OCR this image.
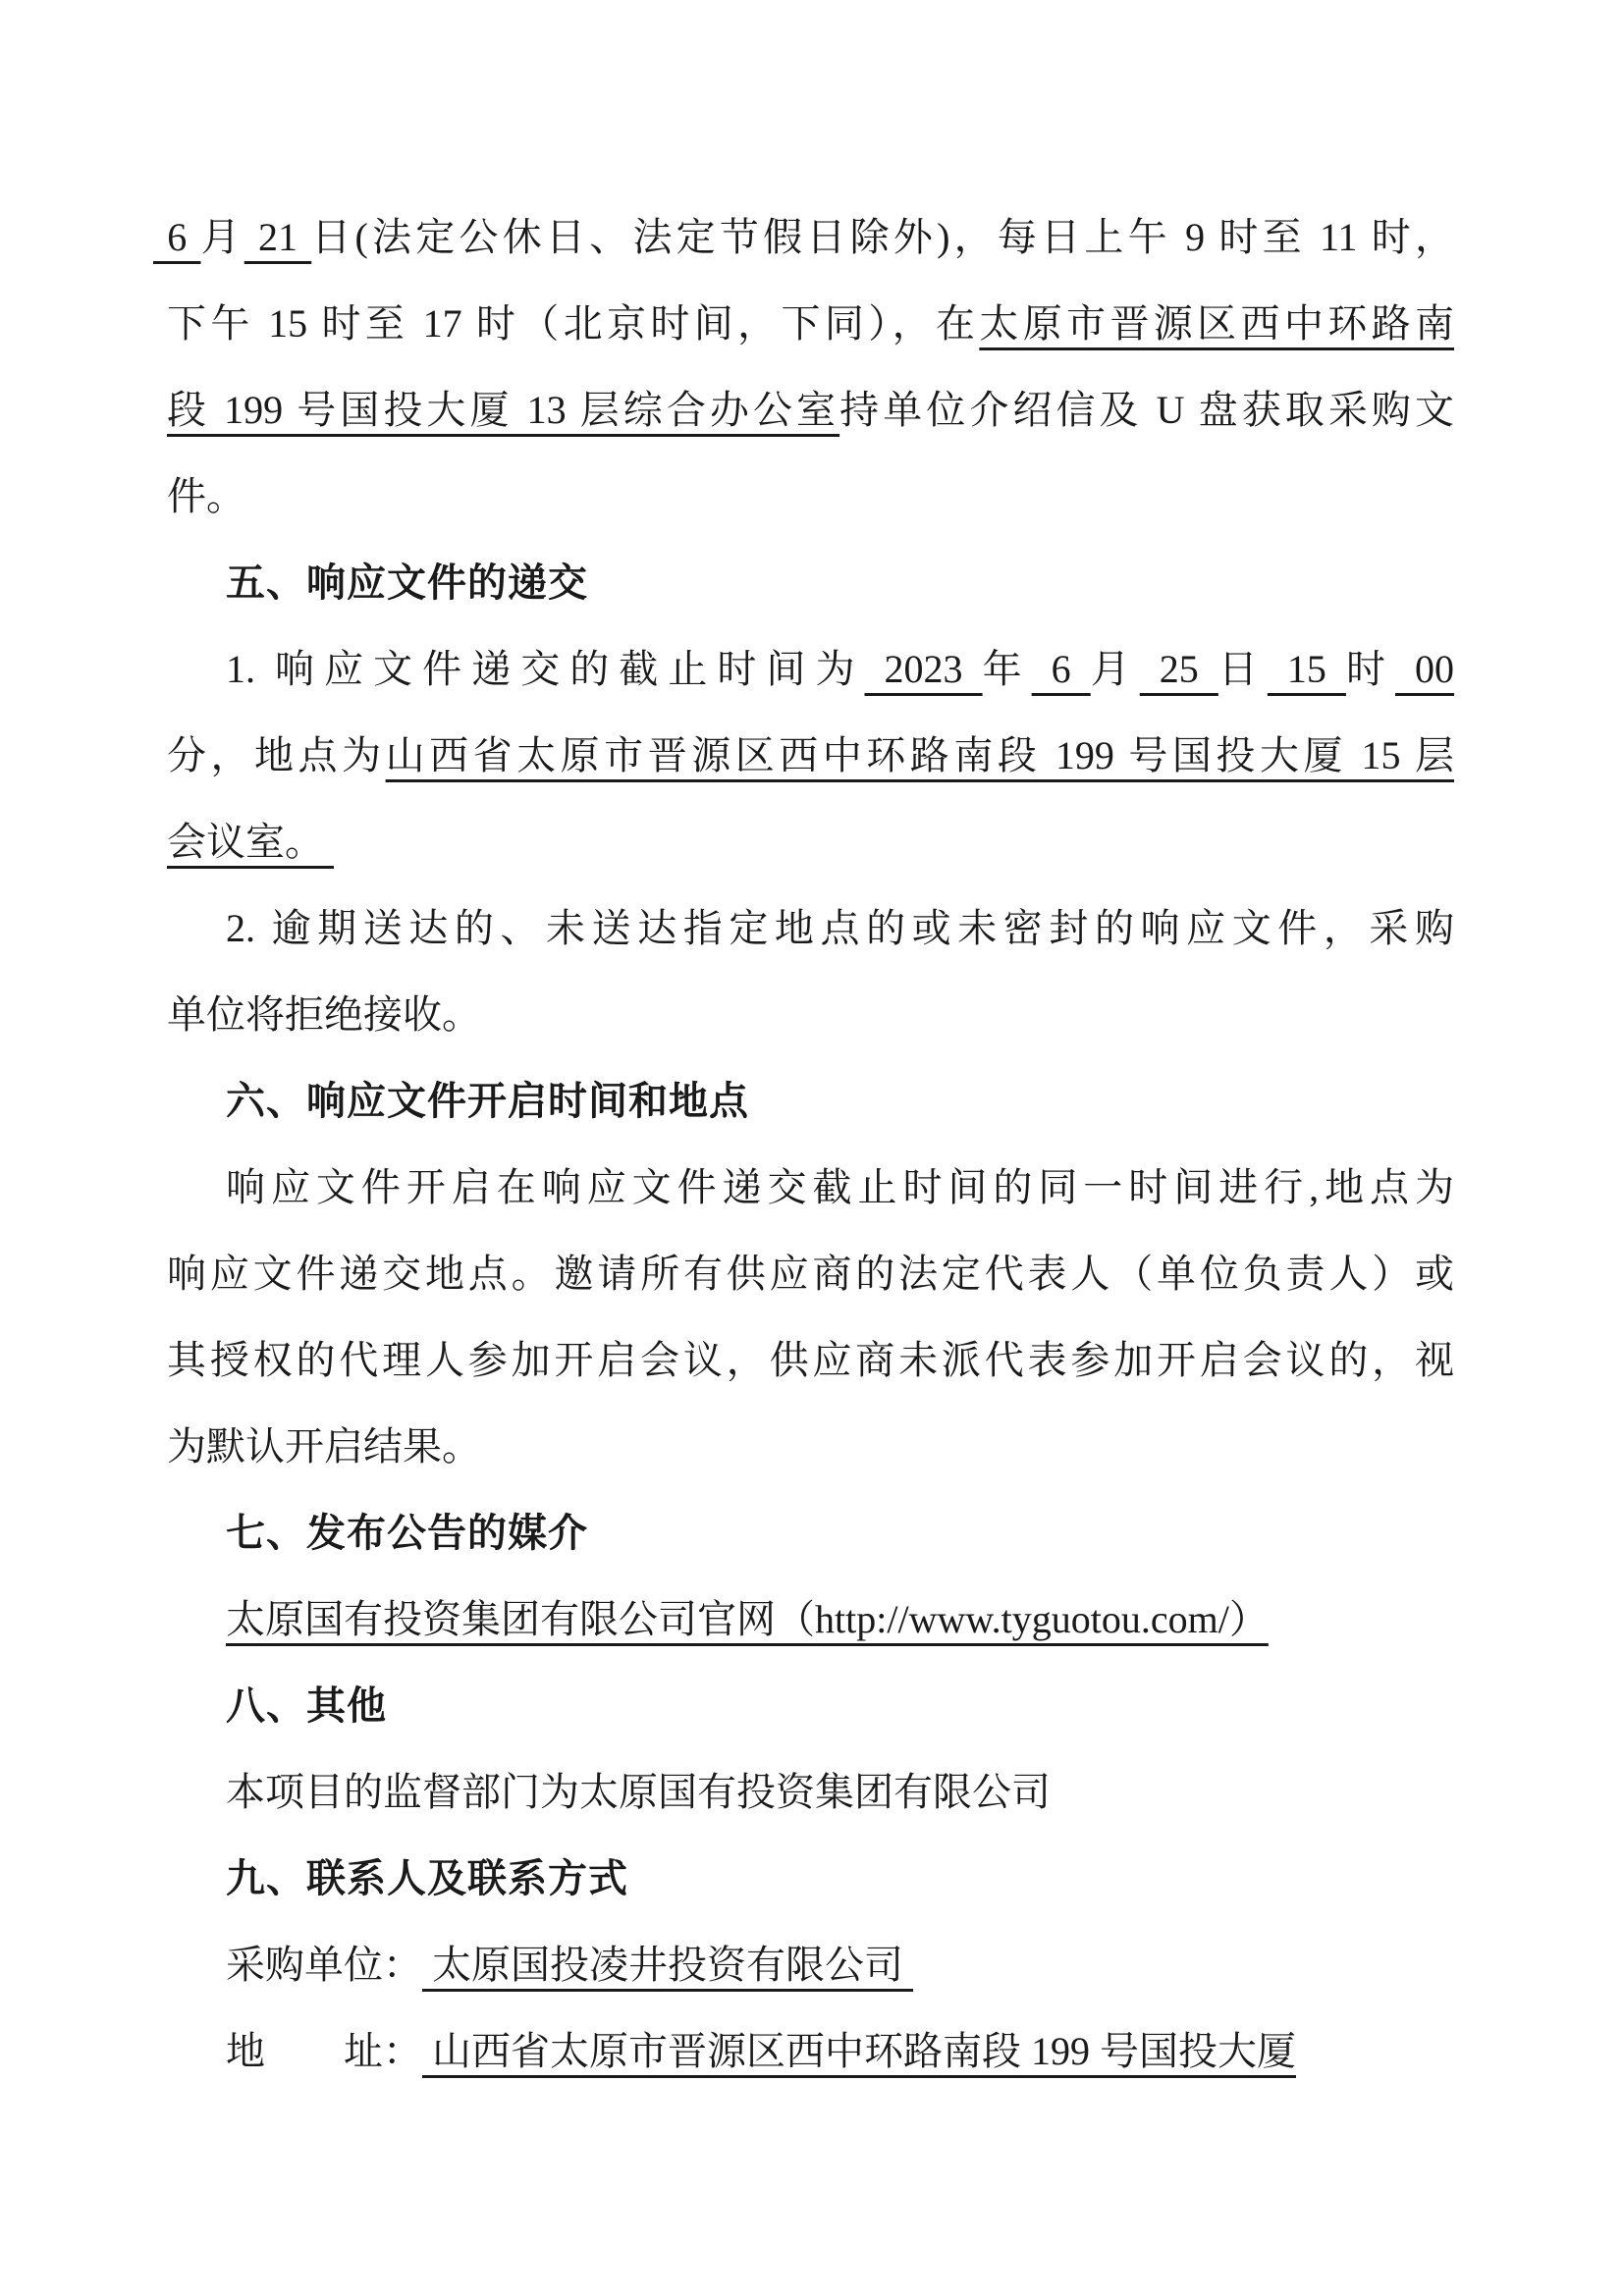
6 月 21 日(法定公休日、法定节假日除外)，每日上午 9 时至 11 时，
下午 15 时至 17 时（北京时间，下同），在太原市晋源区西中环路南
段 199 号国投大厦 13 层综合办公室持单位介绍信及 U 盘获取采购文
件。
五、响应文件的递交
1. 响应文件递交的截止时间为 2023 年 6 月 25 日 15 时 00
分，地点为山西省太原市晋源区西中环路南段 199 号国投大厦 15 层
会议室。
2. 逾期送达的、未送达指定地点的或未密封的响应文件，采购
单位将拒绝接收。
六、响应文件开启时间和地点
响应文件开启在响应文件递交截止时间的同一时间进行,地点为
响应文件递交地点。邀请所有供应商的法定代表人（单位负责人）或
其授权的代理人参加开启会议，供应商未派代表参加开启会议的，视
为默认开启结果。
七、发布公告的媒介
太原国有投资集团有限公司官网（http://www.tyguotou.com/）
八、其他
本项目的监督部门为太原国有投资集团有限公司
九、联系人及联系方式
采购单位： 太原国投凌井投资有限公司
地　　址： 山西省太原市晋源区西中环路南段 199 号国投大厦
